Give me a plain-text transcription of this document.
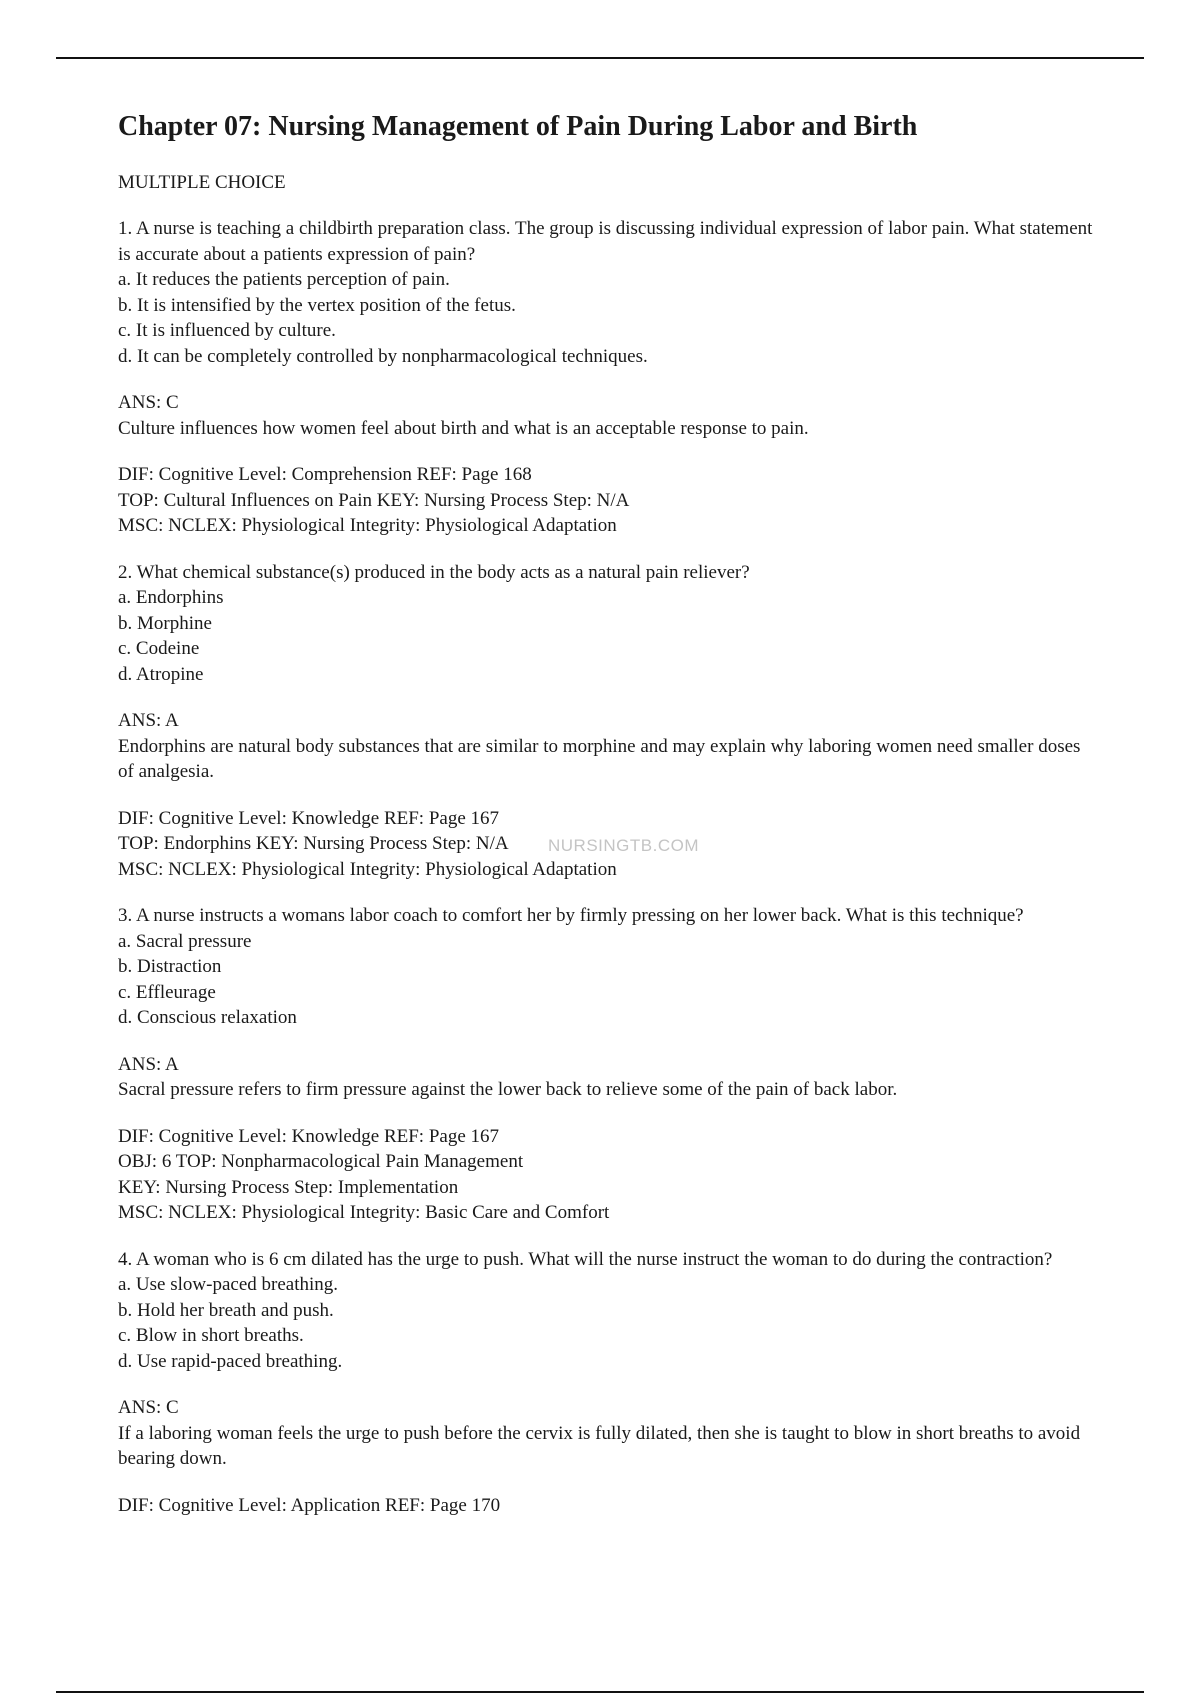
Chapter 07: Nursing Management of Pain During Labor and Birth
MULTIPLE CHOICE
1. A nurse is teaching a childbirth preparation class. The group is discussing individual expression of labor pain. What statement is accurate about a patients expression of pain?
a. It reduces the patients perception of pain.
b. It is intensified by the vertex position of the fetus.
c. It is influenced by culture.
d. It can be completely controlled by nonpharmacological techniques.
ANS: C
Culture influences how women feel about birth and what is an acceptable response to pain.
DIF: Cognitive Level: Comprehension REF: Page 168
TOP: Cultural Influences on Pain KEY: Nursing Process Step: N/A
MSC: NCLEX: Physiological Integrity: Physiological Adaptation
2. What chemical substance(s) produced in the body acts as a natural pain reliever?
a. Endorphins
b. Morphine
c. Codeine
d. Atropine
ANS: A
Endorphins are natural body substances that are similar to morphine and may explain why laboring women need smaller doses of analgesia.
DIF: Cognitive Level: Knowledge REF: Page 167
TOP: Endorphins KEY: Nursing Process Step: N/A
MSC: NCLEX: Physiological Integrity: Physiological Adaptation
3. A nurse instructs a womans labor coach to comfort her by firmly pressing on her lower back. What is this technique?
a. Sacral pressure
b. Distraction
c. Effleurage
d. Conscious relaxation
ANS: A
Sacral pressure refers to firm pressure against the lower back to relieve some of the pain of back labor.
DIF: Cognitive Level: Knowledge REF: Page 167
OBJ: 6 TOP: Nonpharmacological Pain Management
KEY: Nursing Process Step: Implementation
MSC: NCLEX: Physiological Integrity: Basic Care and Comfort
4. A woman who is 6 cm dilated has the urge to push. What will the nurse instruct the woman to do during the contraction?
a. Use slow-paced breathing.
b. Hold her breath and push.
c. Blow in short breaths.
d. Use rapid-paced breathing.
ANS: C
If a laboring woman feels the urge to push before the cervix is fully dilated, then she is taught to blow in short breaths to avoid bearing down.
DIF: Cognitive Level: Application REF: Page 170
NURSINGTB.COM
